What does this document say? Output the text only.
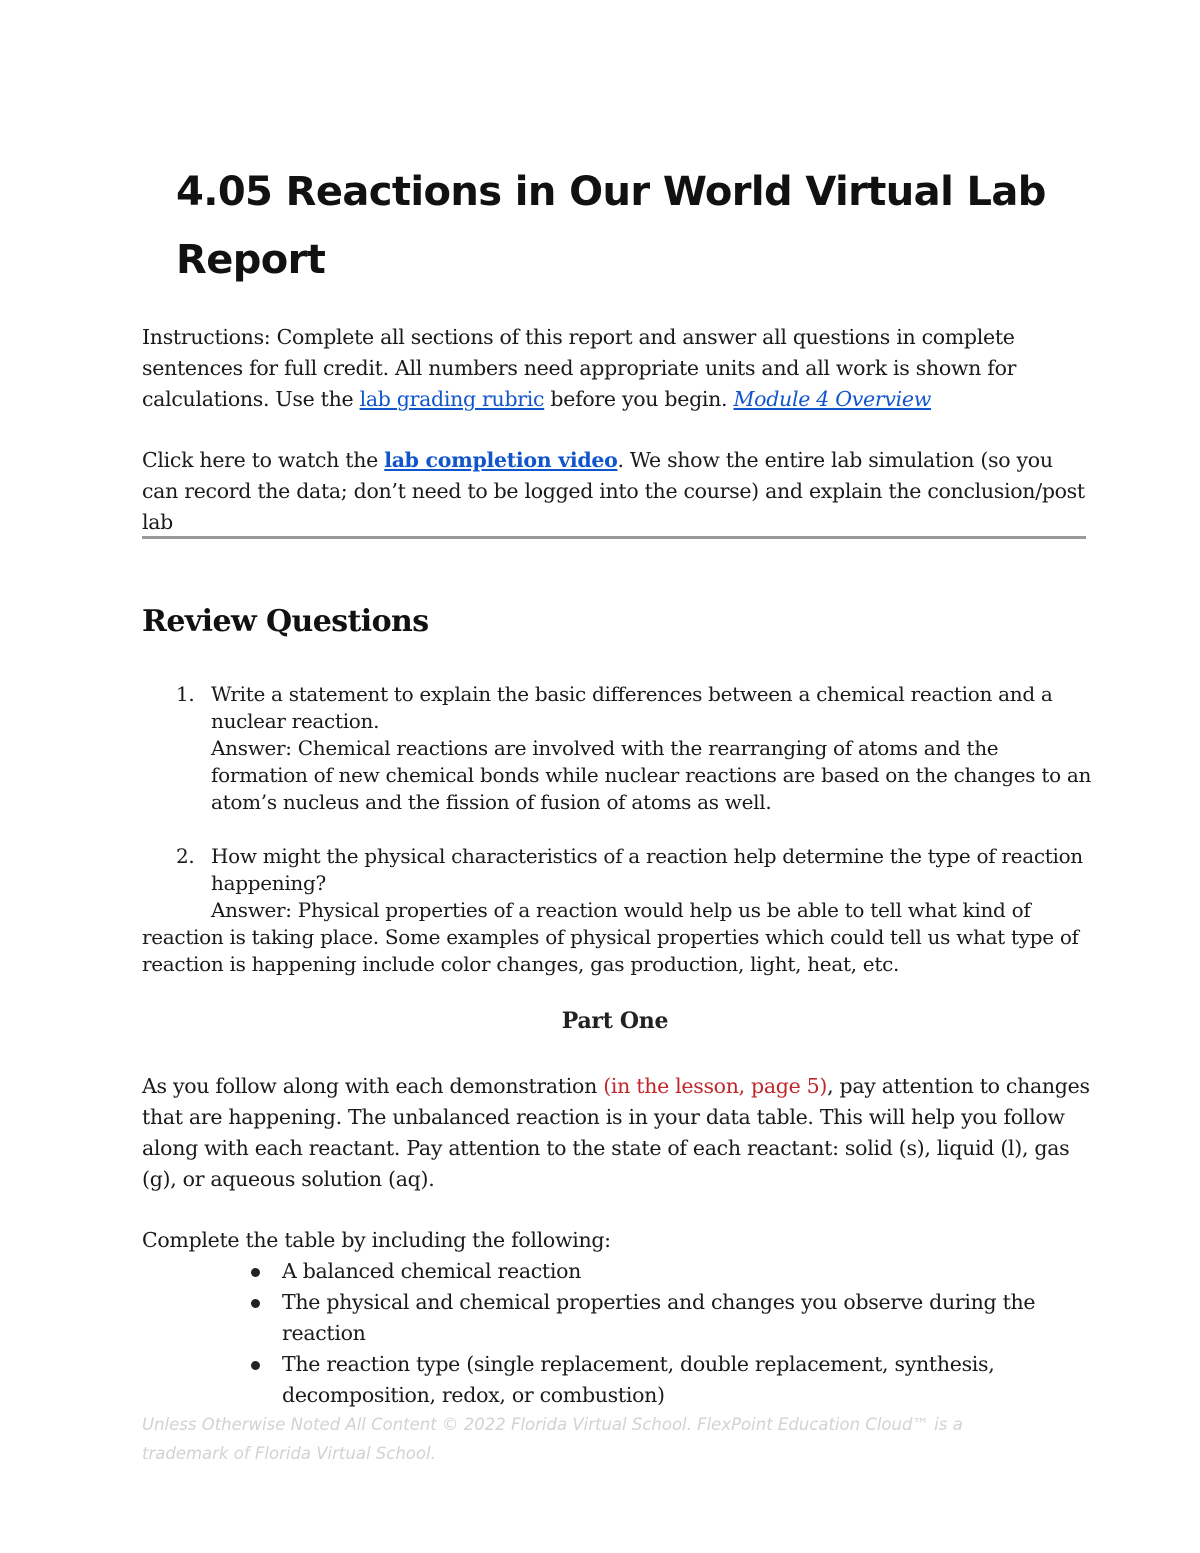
4.05 Reactions in Our World Virtual Lab
Report
Instructions: Complete all sections of this report and answer all questions in complete sentences for full credit. All numbers need appropriate units and all work is shown for calculations. Use the lab grading rubric before you begin. Module 4 Overview
Click here to watch the lab completion video. We show the entire lab simulation (so you can record the data; don’t need to be logged into the course) and explain the conclusion/post lab
Review Questions
1. Write a statement to explain the basic differences between a chemical reaction and a nuclear reaction.
Answer: Chemical reactions are involved with the rearranging of atoms and the formation of new chemical bonds while nuclear reactions are based on the changes to an atom’s nucleus and the fission of fusion of atoms as well.
2. How might the physical characteristics of a reaction help determine the type of reaction happening?
Answer: Physical properties of a reaction would help us be able to tell what kind of reaction is taking place. Some examples of physical properties which could tell us what type of reaction is happening include color changes, gas production, light, heat, etc.
Part One
As you follow along with each demonstration (in the lesson, page 5), pay attention to changes that are happening. The unbalanced reaction is in your data table. This will help you follow along with each reactant. Pay attention to the state of each reactant: solid (s), liquid (l), gas (g), or aqueous solution (aq).
Complete the table by including the following:
A balanced chemical reaction
The physical and chemical properties and changes you observe during the reaction
The reaction type (single replacement, double replacement, synthesis, decomposition, redox, or combustion)
Unless Otherwise Noted All Content © 2022 Florida Virtual School. FlexPoint Education Cloud™ is a trademark of Florida Virtual School.
